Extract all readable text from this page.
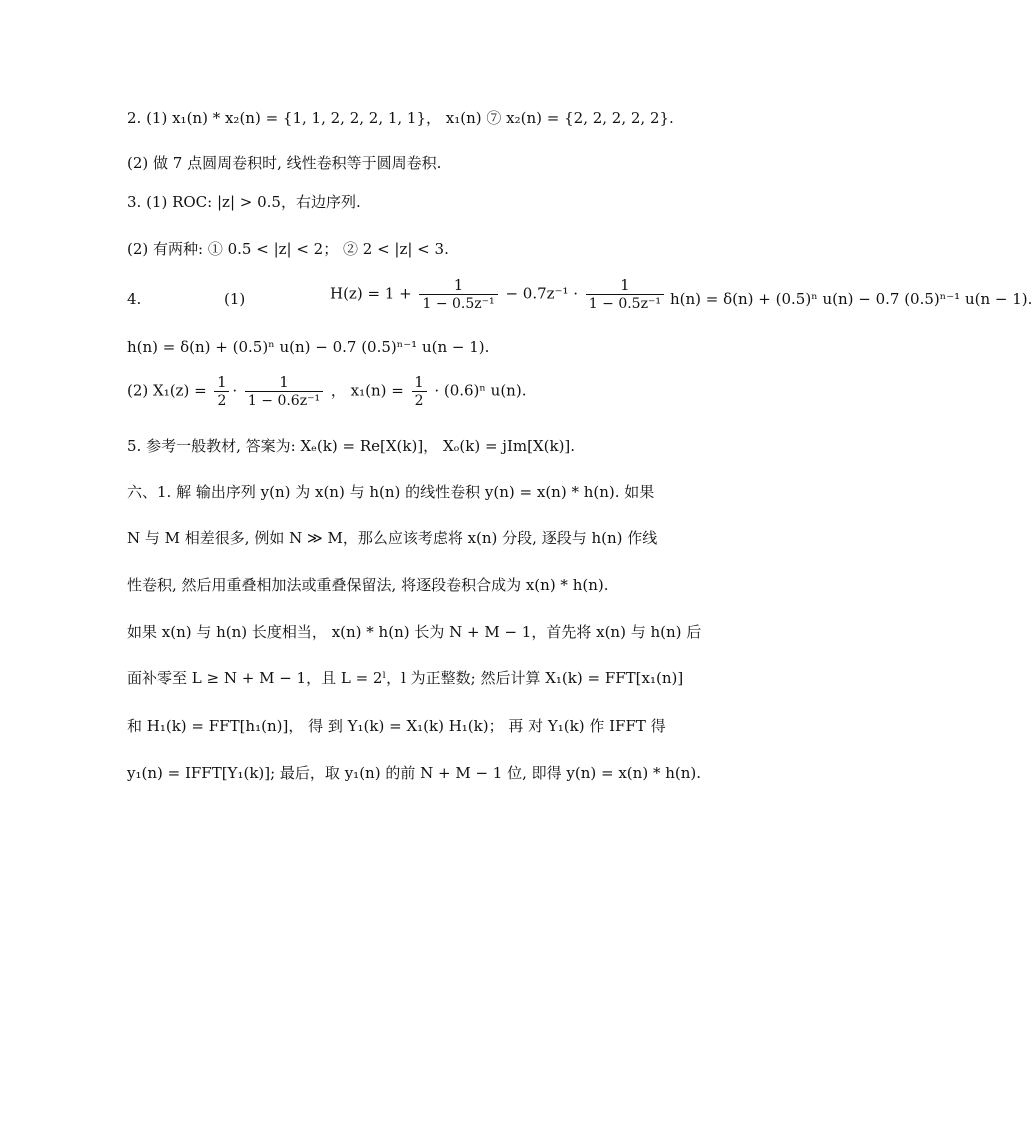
2. (1) x₁(n) * x₂(n) = {1, 1, 2, 2, 2, 1, 1}， x₁(n) ⑦ x₂(n) = {2, 2, 2, 2, 2}.
(2) 做 7 点圆周卷积时, 线性卷积等于圆周卷积.
3. (1) ROC: |z| > 0.5，右边序列.
(2) 有两种: ① 0.5 < |z| < 2； ② 2 < |z| < 3.
4.	(1)	$H(z) = 1 + \frac{1}{\text{1 − 0.5z⁻¹}} - 0.7z^{-1} \cdot \frac{1}{\text{1 − 0.5z⁻¹}} h(n) = \delta(n) + (0.5)^n$ u(n) − 0.7 (0.5)ⁿ⁻¹ u(n − 1).
h(n) = δ(n) + (0.5)ⁿ u(n) − 0.7 (0.5)ⁿ⁻¹ u(n − 1).
(2) $X_1(z) = \frac{1}{2} \cdot \frac{1}{\text{1 − 0.6z⁻¹}}$ ， $x_1(n) = \frac{1}{2} \cdot (0.6)^n$ u(n).
5. 参考一般教材, 答案为: Xₑ(k) = Re[X(k)]， Xₒ(k) = jIm[X(k)].
六、1. 解 输出序列 y(n) 为 x(n) 与 h(n) 的线性卷积 y(n) = x(n) * h(n). 如果
N 与 M 相差很多, 例如 N ≫ M，那么应该考虑将 x(n) 分段, 逐段与 h(n) 作线
性卷积, 然后用重叠相加法或重叠保留法, 将逐段卷积合成为 x(n) * h(n).
如果 x(n) 与 h(n) 长度相当， x(n) * h(n) 长为 N + M − 1，首先将 x(n) 与 h(n) 后
面补零至 L ≥ N + M − 1，且 L = 2ˡ，l 为正整数; 然后计算 X₁(k) = FFT[x₁(n)]
和 H₁(k) = FFT[h₁(n)]， 得 到 Y₁(k) = X₁(k) H₁(k)； 再 对 Y₁(k) 作 IFFT 得
y₁(n) = IFFT[Y₁(k)]; 最后，取 y₁(n) 的前 N + M − 1 位, 即得 y(n) = x(n) * h(n).
